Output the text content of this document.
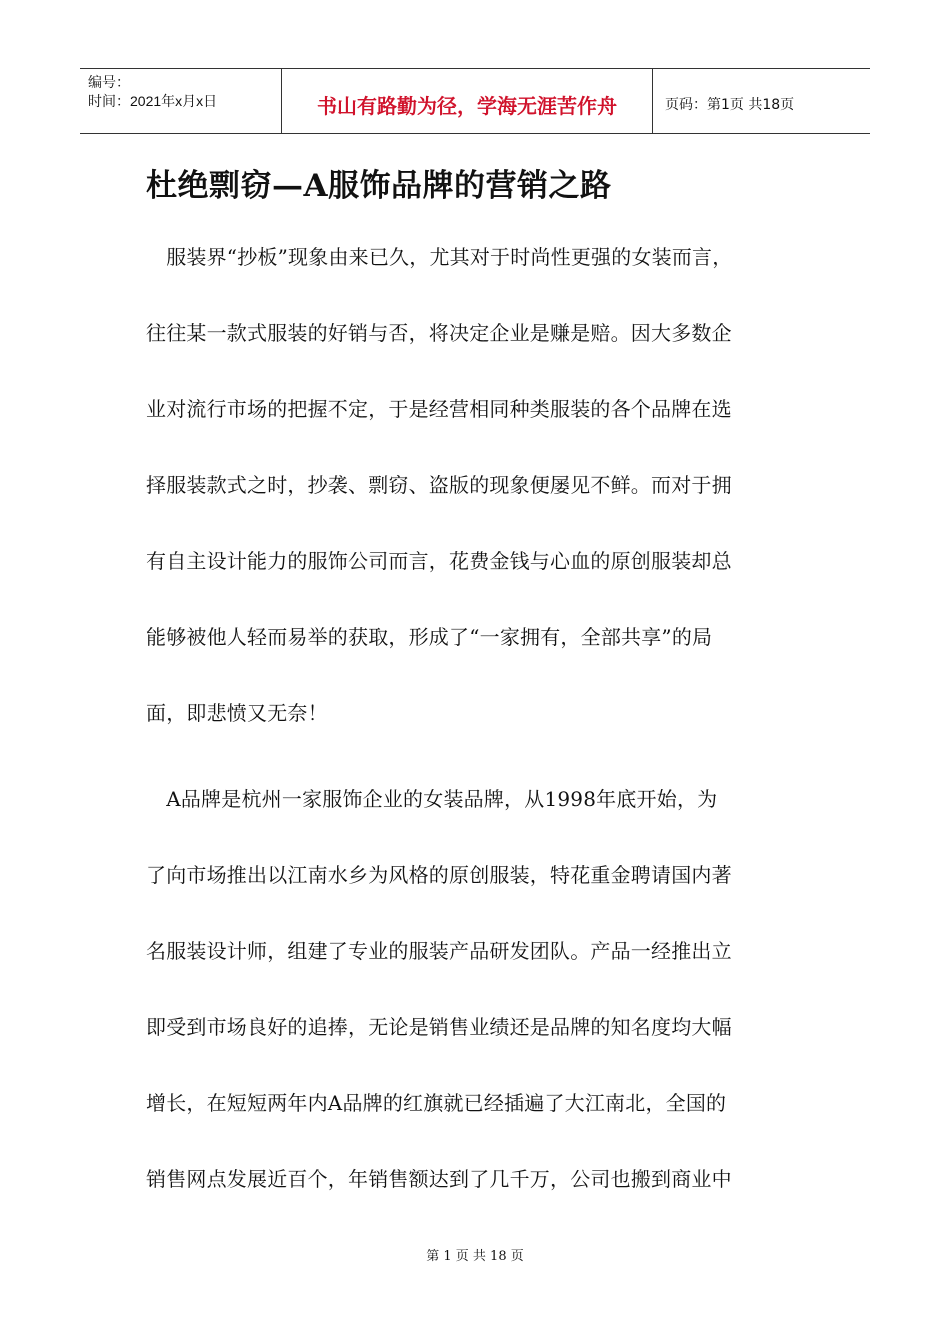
编号：
时间：2021年x月x日	书山有路勤为径，学海无涯苦作舟	页码：第1页 共18页
杜绝剽窃—A服饰品牌的营销之路

　服装界“抄板”现象由来已久，尤其对于时尚性更强的女装而言，
往往某一款式服装的好销与否，将决定企业是赚是赔。因大多数企
业对流行市场的把握不定，于是经营相同种类服装的各个品牌在选
择服装款式之时，抄袭、剽窃、盗版的现象便屡见不鲜。而对于拥
有自主设计能力的服饰公司而言，花费金钱与心血的原创服装却总
能够被他人轻而易举的获取，形成了“一家拥有，全部共享”的局
面，即悲愤又无奈！

　A品牌是杭州一家服饰企业的女装品牌，从1998年底开始，为
了向市场推出以江南水乡为风格的原创服装，特花重金聘请国内著
名服装设计师，组建了专业的服装产品研发团队。产品一经推出立
即受到市场良好的追捧，无论是销售业绩还是品牌的知名度均大幅
增长，在短短两年内A品牌的红旗就已经插遍了大江南北，全国的
销售网点发展近百个，年销售额达到了几千万，公司也搬到商业中

第 1 页 共 18 页
